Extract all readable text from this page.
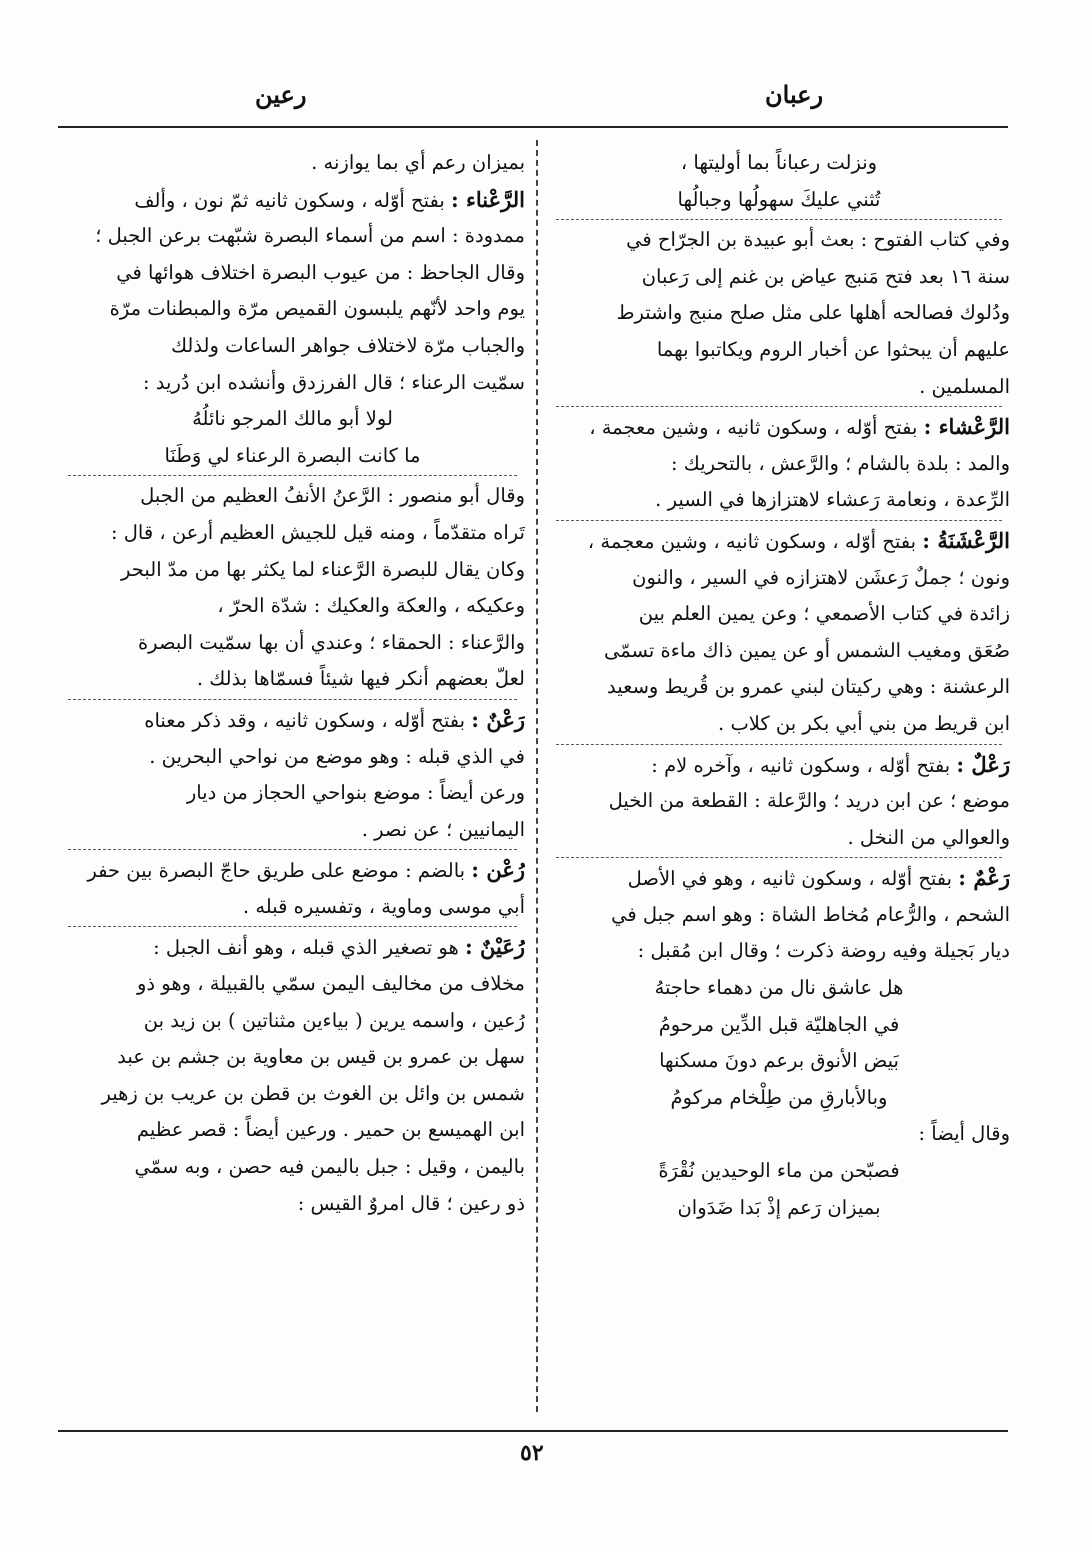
رعبان
رعين
ونزلت رعباناً بما أوليتها ،
تُثني عليكَ سهولُها وجبالُها
وفي كتاب الفتوح : بعث أبو عبيدة بن الجرّاح في
سنة ١٦ بعد فتح مَنبج عياض بن غنم إلى رَعبان
ودُلوك فصالحه أهلها على مثل صلح منبج واشترط
عليهم أن يبحثوا عن أخبار الروم ويكاتبوا بهما
المسلمين .
الرَّعْشاء : بفتح أوّله ، وسكون ثانيه ، وشين معجمة ،
والمد : بلدة بالشام ؛ والرَّعش ، بالتحريك :
الرِّعدة ، ونعامة رَعشاء لاهتزازها في السير .
الرَّعْشَنَةُ : بفتح أوّله ، وسكون ثانيه ، وشين معجمة ،
ونون ؛ جملٌ رَعشَن لاهتزازه في السير ، والنون
زائدة في كتاب الأصمعي ؛ وعن يمين العلم بين
صُعَق ومغيب الشمس أو عن يمين ذاك ماءة تسمّى
الرعشنة : وهي ركيتان لبني عمرو بن قُريط وسعيد
ابن قريط من بني أبي بكر بن كلاب .
رَعْلٌ : بفتح أوّله ، وسكون ثانيه ، وآخره لام :
موضع ؛ عن ابن دريد ؛ والرَّعلة : القطعة من الخيل
والعوالي من النخل .
رَعْمٌ : بفتح أوّله ، وسكون ثانيه ، وهو في الأصل
الشحم ، والرُّعام مُخاط الشاة : وهو اسم جبل في
ديار بَجيلة وفيه روضة ذكرت ؛ وقال ابن مُقبل :
هل عاشق نال من دهماء حاجتهُ
في الجاهليّة قبل الدِّين مرحومُ
بَيض الأنوق برعم دونَ مسكنها
وبالأبارقِ من طِلْخام مركومُ
وقال أيضاً :
فصبّحن من ماء الوحيدين نُقْرَةً
بميزان رَعم إذْ بَدا ضَدَوان
بميزان رعم أي بما يوازنه .
الرَّعْناء : بفتح أوّله ، وسكون ثانيه ثمّ نون ، وألف
ممدودة : اسم من أسماء البصرة شبّهت برعن الجبل ؛
وقال الجاحظ : من عيوب البصرة اختلاف هوائها في
يوم واحد لأنّهم يلبسون القميص مرّة والمبطنات مرّة
والجباب مرّة لاختلاف جواهر الساعات ولذلك
سمّيت الرعناء ؛ قال الفرزدق وأنشده ابن دُريد :
لولا أبو مالك المرجو نائلُهُ
ما كانت البصرة الرعناء لي وَطَنَا
وقال أبو منصور : الرَّعنُ الأنفُ العظيم من الجبل
تَراه متقدّماً ، ومنه قيل للجيش العظيم أرعن ، قال :
وكان يقال للبصرة الرَّعناء لما يكثر بها من مدّ البحر
وعكيكه ، والعكة والعكيك : شدّة الحرّ ،
والرَّعناء : الحمقاء ؛ وعندي أن بها سمّيت البصرة
لعلّ بعضهم أنكر فيها شيئاً فسمّاها بذلك .
رَعْنٌ : بفتح أوّله ، وسكون ثانيه ، وقد ذكر معناه
في الذي قبله : وهو موضع من نواحي البحرين .
ورعن أيضاً : موضع بنواحي الحجاز من ديار
اليمانيين ؛ عن نصر .
رُعْن : بالضم : موضع على طريق حاجّ البصرة بين حفر
أبي موسى وماوية ، وتفسيره قبله .
رُعَيْنٌ : هو تصغير الذي قبله ، وهو أنف الجبل :
مخلاف من مخاليف اليمن سمّي بالقبيلة ، وهو ذو
رُعين ، واسمه يرين ( بياءين مثناتين ) بن زيد بن
سهل بن عمرو بن قيس بن معاوية بن جشم بن عبد
شمس بن وائل بن الغوث بن قطن بن عريب بن زهير
ابن الهميسع بن حمير . ورعين أيضاً : قصر عظيم
باليمن ، وقيل : جبل باليمن فيه حصن ، وبه سمّي
ذو رعين ؛ قال امروٌ القيس :
٥٢
